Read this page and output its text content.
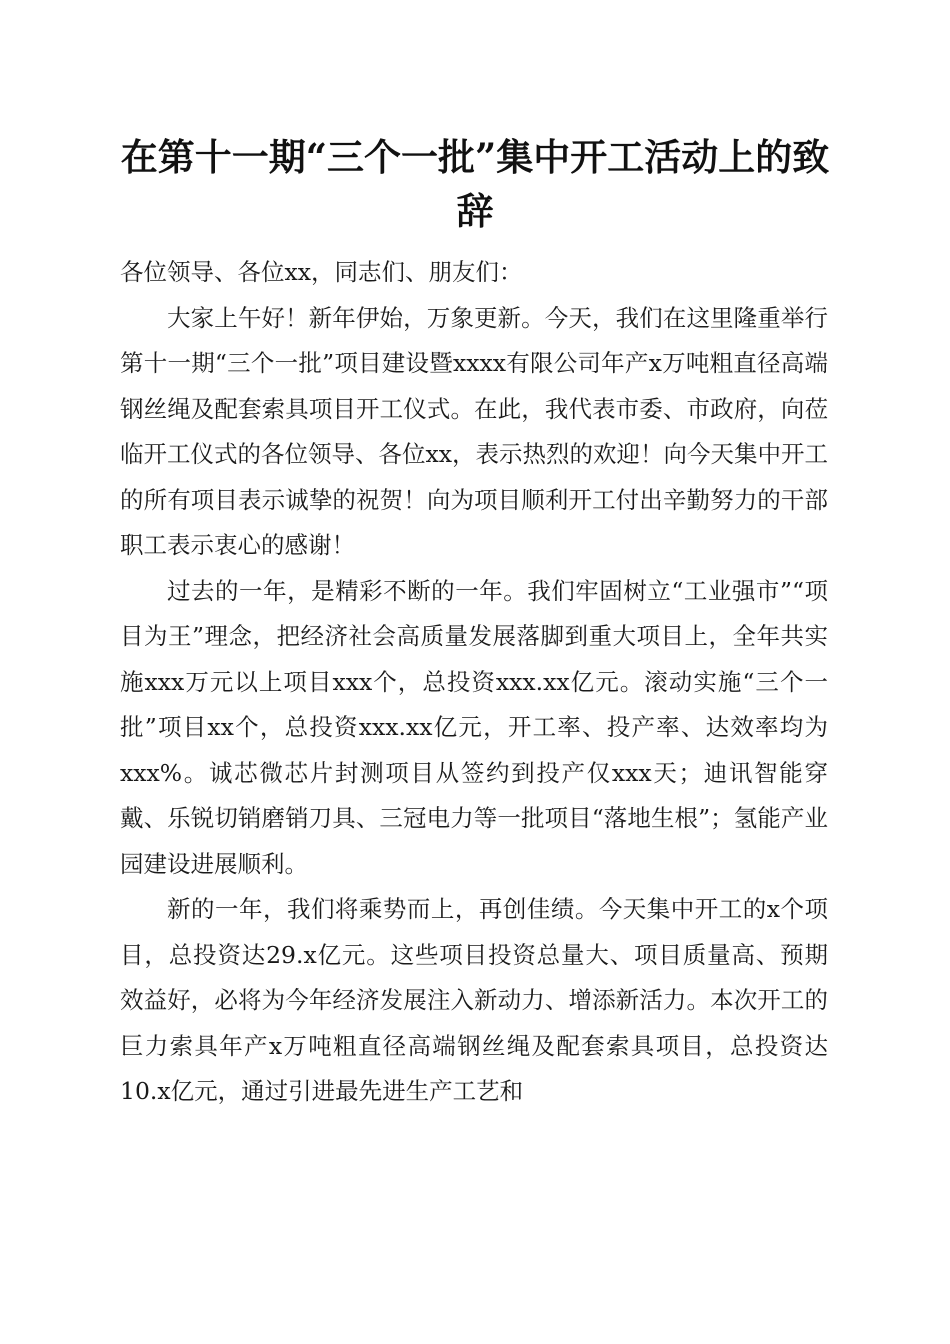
在第十一期“三个一批”集中开工活动上的致辞

各位领导、各位xx，同志们、朋友们：

大家上午好！新年伊始，万象更新。今天，我们在这里隆重举行第十一期“三个一批”项目建设暨xxxx有限公司年产x万吨粗直径高端钢丝绳及配套索具项目开工仪式。在此，我代表市委、市政府，向莅临开工仪式的各位领导、各位xx，表示热烈的欢迎！向今天集中开工的所有项目表示诚挚的祝贺！向为项目顺利开工付出辛勤努力的干部职工表示衷心的感谢！

过去的一年，是精彩不断的一年。我们牢固树立“工业强市”“项目为王”理念，把经济社会高质量发展落脚到重大项目上，全年共实施xxx万元以上项目xxx个，总投资xxx.xx亿元。滚动实施“三个一批”项目xx个，总投资xxx.xx亿元，开工率、投产率、达效率均为xxx%。诚芯微芯片封测项目从签约到投产仅xxx天；迪讯智能穿戴、乐锐切销磨销刀具、三冠电力等一批项目“落地生根”；氢能产业园建设进展顺利。

新的一年，我们将乘势而上，再创佳绩。今天集中开工的x个项目，总投资达29.x亿元。这些项目投资总量大、项目质量高、预期效益好，必将为今年经济发展注入新动力、增添新活力。本次开工的巨力索具年产x万吨粗直径高端钢丝绳及配套索具项目，总投资达10.x亿元，通过引进最先进生产工艺和
